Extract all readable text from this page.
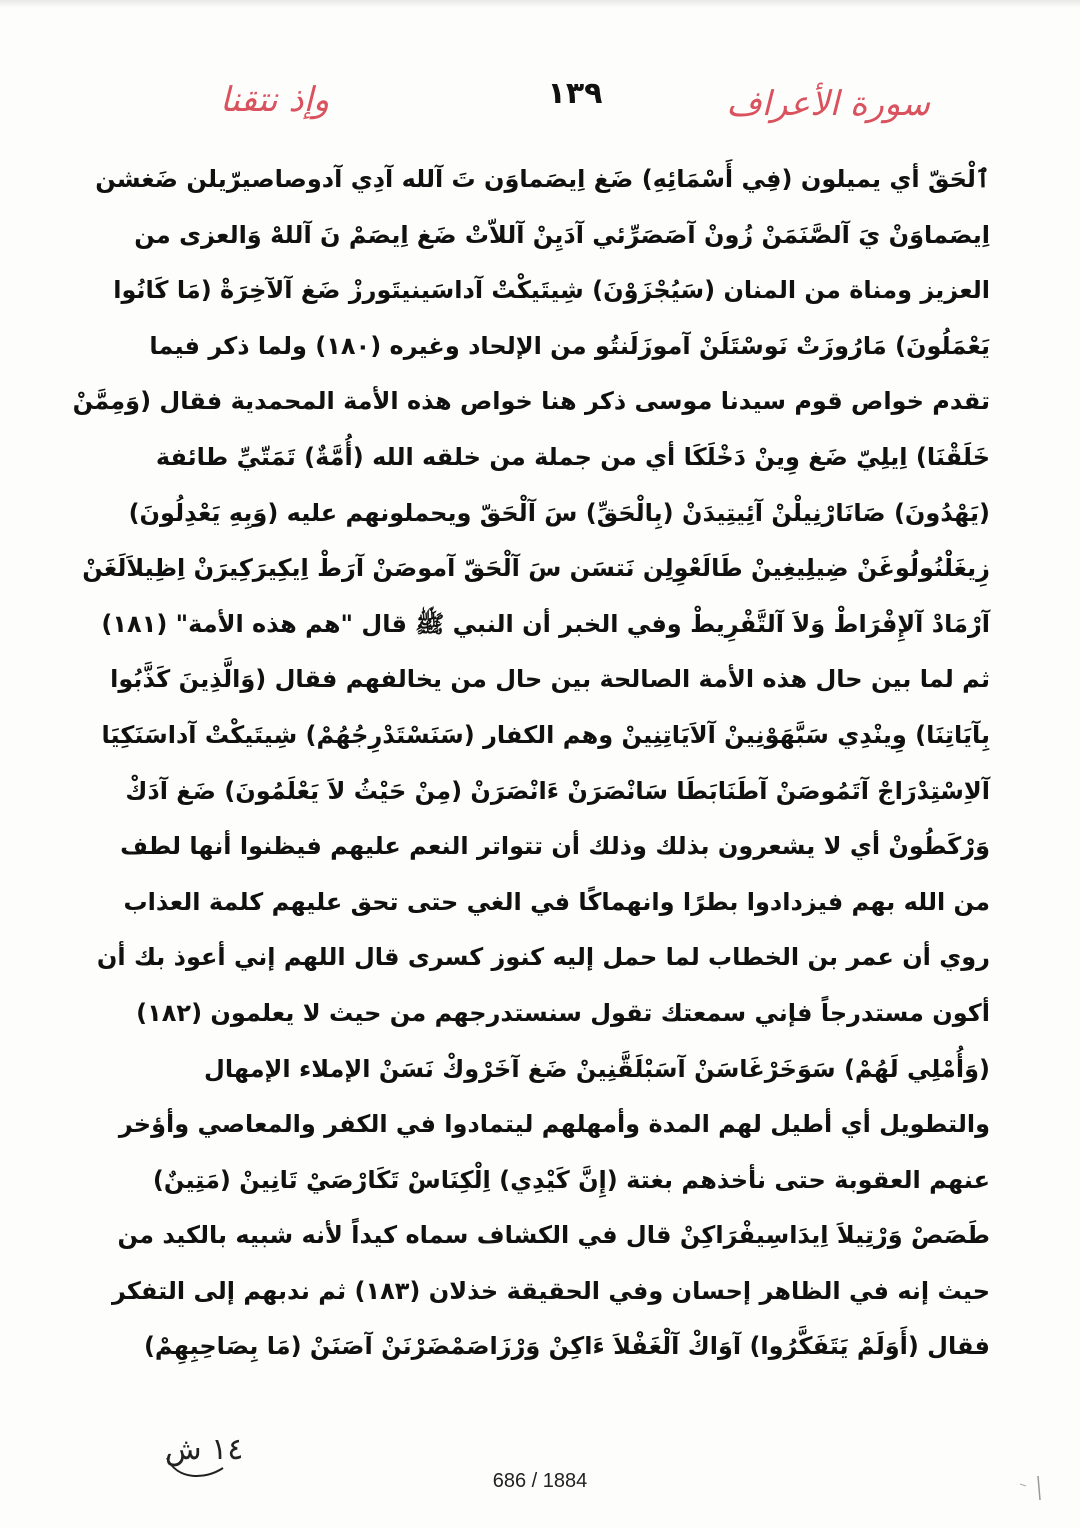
وإذ نتقنا	١٣٩	سورة الأعراف
ٱلْحَقّ أي يميلون (فِي أَسْمَائِهِ) ضَغ اِيصَماوَن تَ آلله آدِي آدوصاصيرّيلن ضَغشن
اِيصَماوَنْ يَ آلصَّنَمَنْ زُونْ آصَصَرِّئي آدَيِنْ آللاّتْ ضَغ اِيصَمْ نَ آللهْ وَالعزى من
العزيز ومناة من المنان (سَيُجْزَوْنَ) شِيتَيكْتْ آداسَينيتَورزْ ضَغ آلآخِرَةْ (مَا كَانُوا
يَعْمَلُونَ) مَارُوزَتْ نَوسْتَلَنْ آموزَلَنتُو من الإلحاد وغيره (١٨٠) ولما ذكر فيما
تقدم خواص قوم سيدنا موسى ذكر هنا خواص هذه الأمة المحمدية فقال (وَمِمَّنْ
خَلَقْنَا) اِيلِيّ ضَغ وِينْ دَخْلَكَا أي من جملة من خلقه الله (أُمَّةٌ) تَمَتّيِّ طائفة
(يَهْدُونَ) صَانَارْنِيلْنْ آئِيتِيدَنْ (بِالْحَقِّ) سَ آلْحَقّ ويحملونهم عليه (وَبِهِ يَعْدِلُونَ)
زِيغَلْنُولُوغَنْ ضِيلِيغِينْ طَالَعْوِلِن نَتسَن سَ آلْحَقّ آموصَنْ آرَطْ اِيكِيرَكِيرَنْ اِظِيلاَلَغَنْ
آرْمَادْ آلإِفْرَاطْ وَلاَ آلتَّفْرِيطْ وفي الخبر أن النبي ﷺ قال "هم هذه الأمة" (١٨١)
ثم لما بين حال هذه الأمة الصالحة بين حال من يخالفهم فقال (وَالَّذِينَ كَذَّبُوا
بِآيَاتِنَا) وِينْدِي سَبَّهَوْنِينْ آلاَيَاتِنِينْ وهم الكفار (سَنَسْتَدْرِجُهُمْ) شِيتَيكْتْ آداسَنَكِيَا
آلاِسْتِدْرَاجْ آتَمُوصَنْ آطَنَابَطَا سَانْصَرَنْ ءَانْصَرَنْ (مِنْ حَيْثُ لاَ يَعْلَمُونَ) ضَغ آدَكْ
وَرْكَطُونْ أي لا يشعرون بذلك وذلك أن تتواتر النعم عليهم فيظنوا أنها لطف
من الله بهم فيزدادوا بطرًا وانهماكًا في الغي حتى تحق عليهم كلمة العذاب
روي أن عمر بن الخطاب لما حمل إليه كنوز كسرى قال اللهم إني أعوذ بك أن
أكون مستدرجاً فإني سمعتك تقول سنستدرجهم من حيث لا يعلمون (١٨٢)
(وَأُمْلِي لَهُمْ) سَوَخَرْغَاسَنْ آسَبْلَقَّنِينْ ضَغ آخَرْوكْ نَسَنْ الإملاء الإمهال
والتطويل أي أطيل لهم المدة وأمهلهم ليتمادوا في الكفر والمعاصي وأؤخر
عنهم العقوبة حتى نأخذهم بغتة (إِنَّ كَيْدِي) اِلْكِنَاسْ تَكَارْصَيْ تَانِينْ (مَتِينٌ)
طَصَصْ وَرْتِيلاَ اِيدَاسِيفْرَاكِنْ قال في الكشاف سماه كيداً لأنه شبيه بالكيد من
حيث إنه في الظاهر إحسان وفي الحقيقة خذلان (١٨٣) ثم ندبهم إلى التفكر
فقال (أَوَلَمْ يَتَفَكَّرُوا) آوَاكْ آلْغَفْلاَ ءَاكِنْ وَرْزَاصَمْضَرْنَنْ آصَنَنْ (مَا بِصَاحِبِهِمْ)
١٤ ش
686 / 1884
